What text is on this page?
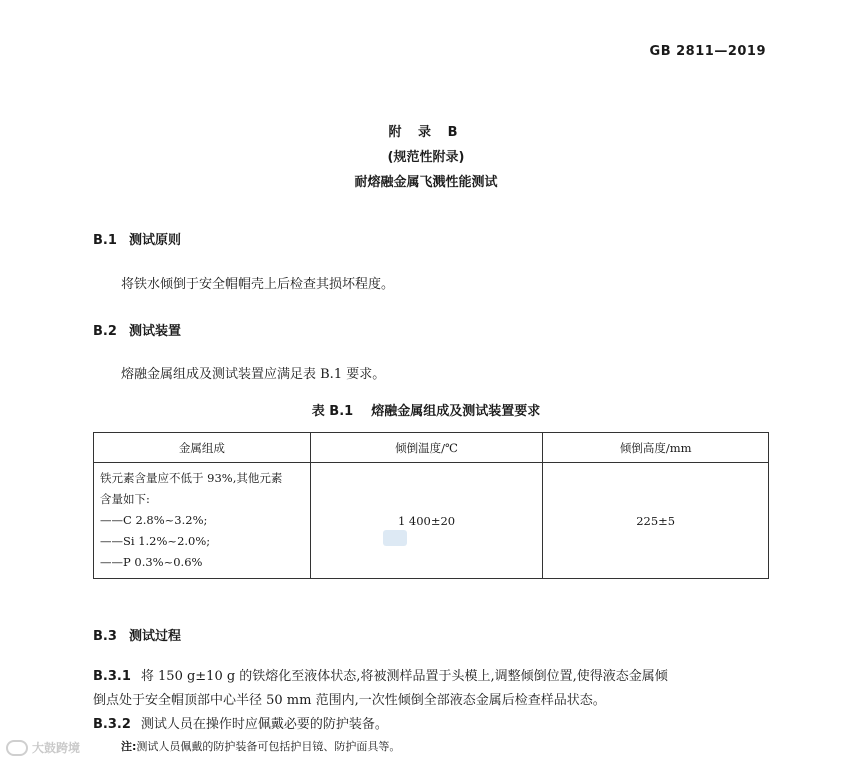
GB 2811—2019
附 录 B
(规范性附录)
耐熔融金属飞溅性能测试
B.1 测试原则
将铁水倾倒于安全帽帽壳上后检查其损坏程度。
B.2 测试装置
熔融金属组成及测试装置应满足表 B.1 要求。
表 B.1 熔融金属组成及测试装置要求
金属组成	倾倒温度/℃	倾倒高度/mm

铁元素含量应不低于 93%,其他元素
含量如下:
——C 2.8%~3.2%;
——Si 1.2%~2.0%;
——P 0.3%~0.6%	1 400±20	225±5
B.3 测试过程
B.3.1 将 150 g±10 g 的铁熔化至液体状态,将被测样品置于头模上,调整倾倒位置,使得液态金属倾
倒点处于安全帽顶部中心半径 50 mm 范围内,一次性倾倒全部液态金属后检查样品状态。
B.3.2 测试人员在操作时应佩戴必要的防护装备。
注:测试人员佩戴的防护装备可包括护目镜、防护面具等。
大鼓跨境
